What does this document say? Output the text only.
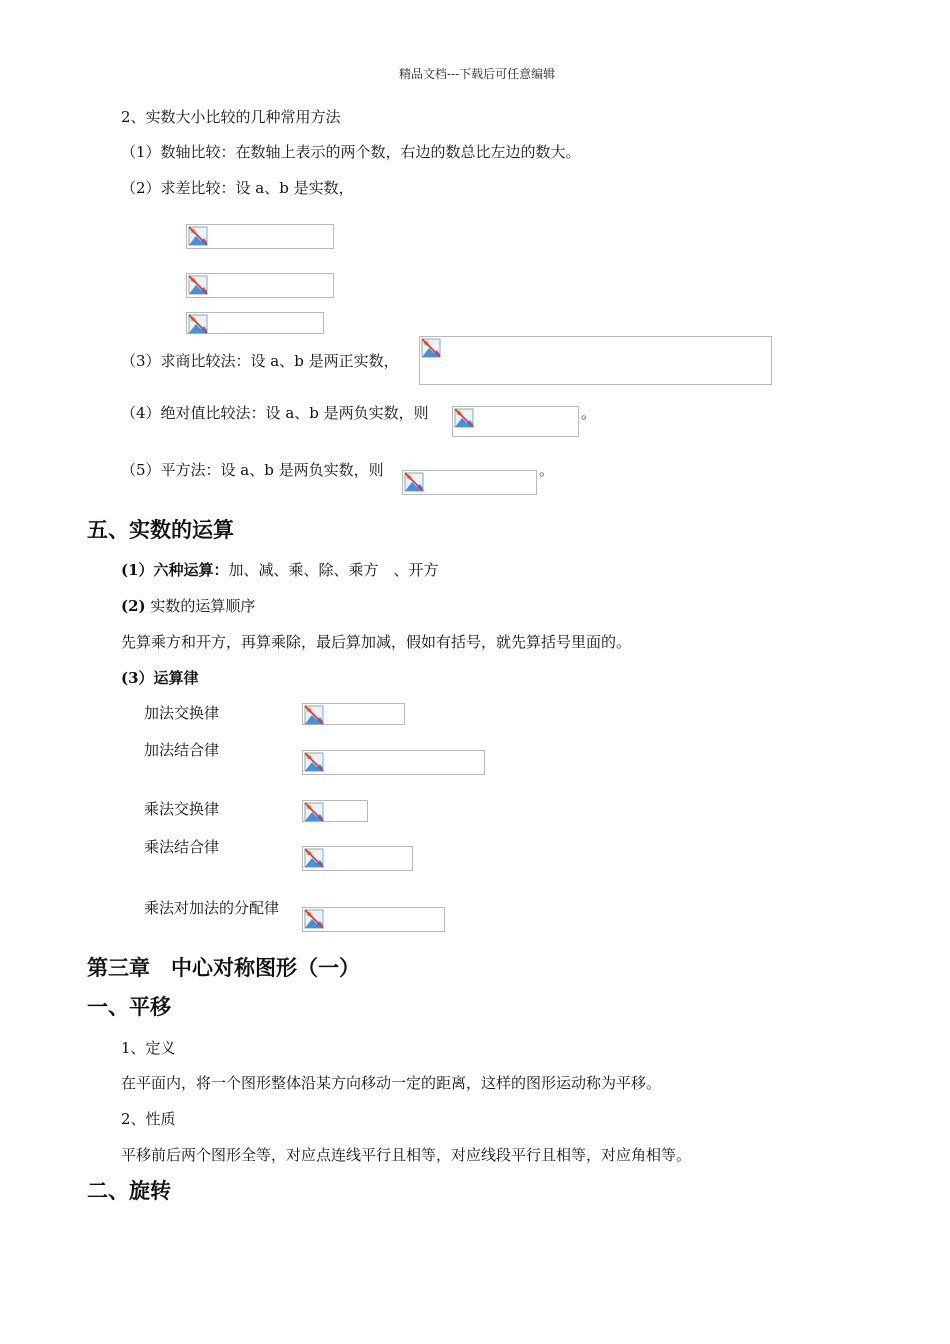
精品文档---下载后可任意编辑
2、实数大小比较的几种常用方法
（1）数轴比较：在数轴上表示的两个数，右边的数总比左边的数大。
（2）求差比较：设 a、b 是实数，
（3）求商比较法：设 a、b 是两正实数，
（4）绝对值比较法：设 a、b 是两负实数，则	。
（5）平方法：设 a、b 是两负实数，则	。
五、实数的运算
(1）六种运算：加、减、乘、除、乘方　、开方
(2) 实数的运算顺序
先算乘方和开方，再算乘除，最后算加减，假如有括号，就先算括号里面的。
(3）运算律
加法交换律
加法结合律
乘法交换律
乘法结合律
乘法对加法的分配律
第三章　中心对称图形（一）
一、平移
1、定义
在平面内，将一个图形整体沿某方向移动一定的距离，这样的图形运动称为平移。
2、性质
平移前后两个图形全等，对应点连线平行且相等，对应线段平行且相等，对应角相等。
二、旋转
